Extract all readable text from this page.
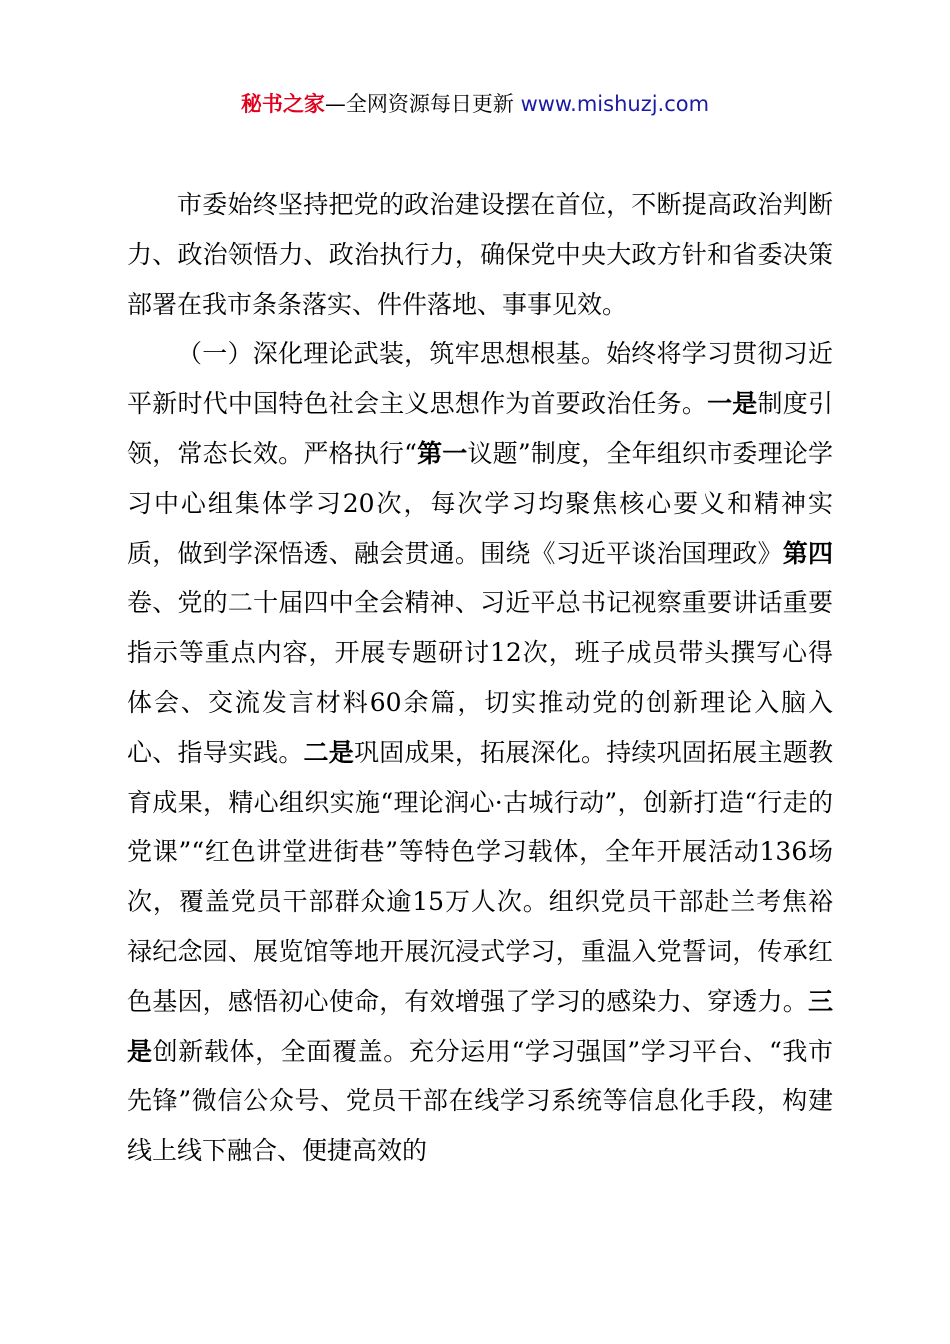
秘书之家—全网资源每日更新 www.mishuzj.com

市委始终坚持把党的政治建设摆在首位，不断提高政治判断力、政治领悟力、政治执行力，确保党中央大政方针和省委决策部署在我市条条落实、件件落地、事事见效。

（一）深化理论武装，筑牢思想根基。始终将学习贯彻习近平新时代中国特色社会主义思想作为首要政治任务。一是制度引领，常态长效。严格执行“第一议题”制度，全年组织市委理论学习中心组集体学习20次，每次学习均聚焦核心要义和精神实质，做到学深悟透、融会贯通。围绕《习近平谈治国理政》第四卷、党的二十届四中全会精神、习近平总书记视察重要讲话重要指示等重点内容，开展专题研讨12次，班子成员带头撰写心得体会、交流发言材料60余篇，切实推动党的创新理论入脑入心、指导实践。二是巩固成果，拓展深化。持续巩固拓展主题教育成果，精心组织实施“理论润心·古城行动”，创新打造“行走的党课”“红色讲堂进街巷”等特色学习载体，全年开展活动136场次，覆盖党员干部群众逾15万人次。组织党员干部赴兰考焦裕禄纪念园、展览馆等地开展沉浸式学习，重温入党誓词，传承红色基因，感悟初心使命，有效增强了学习的感染力、穿透力。三是创新载体，全面覆盖。充分运用“学习强国”学习平台、“我市先锋”微信公众号、党员干部在线学习系统等信息化手段，构建线上线下融合、便捷高效的
